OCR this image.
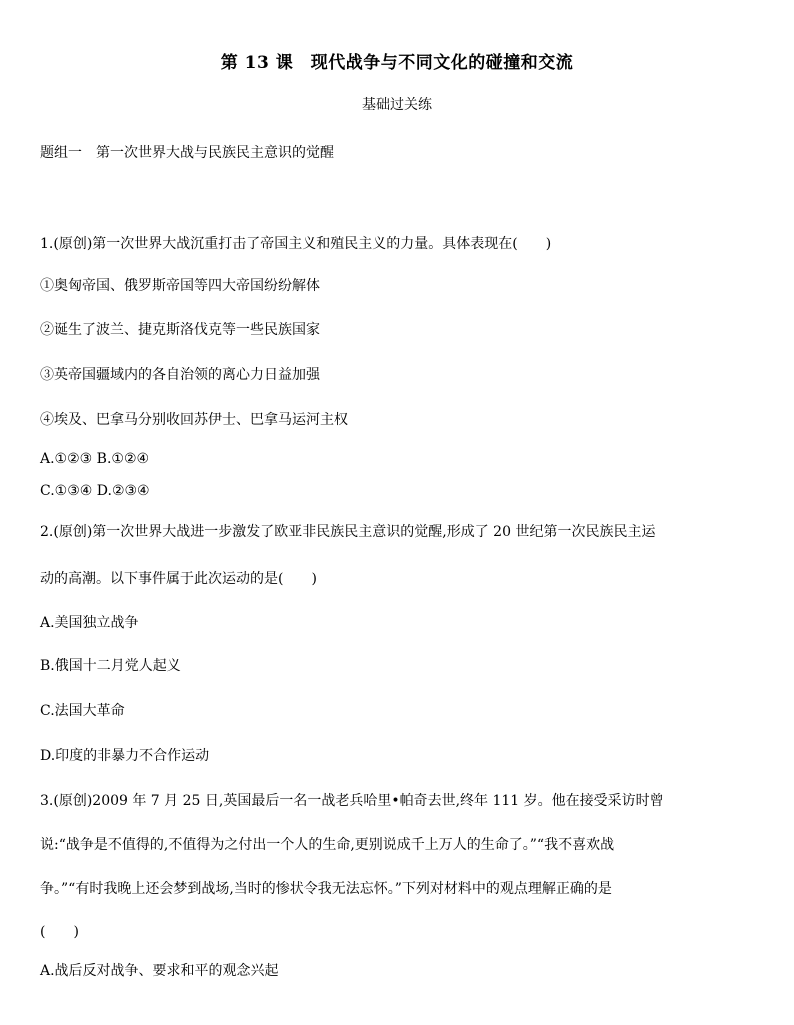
第 13 课　现代战争与不同文化的碰撞和交流
基础过关练
题组一　第一次世界大战与民族民主意识的觉醒
1.(原创)第一次世界大战沉重打击了帝国主义和殖民主义的力量。具体表现在(　　)
①奥匈帝国、俄罗斯帝国等四大帝国纷纷解体
②诞生了波兰、捷克斯洛伐克等一些民族国家
③英帝国疆域内的各自治领的离心力日益加强
④埃及、巴拿马分别收回苏伊士、巴拿马运河主权
A.①②③ B.①②④
C.①③④ D.②③④
2.(原创)第一次世界大战进一步激发了欧亚非民族民主意识的觉醒,形成了 20 世纪第一次民族民主运
动的高潮。以下事件属于此次运动的是(　　)
A.美国独立战争
B.俄国十二月党人起义
C.法国大革命
D.印度的非暴力不合作运动
3.(原创)2009 年 7 月 25 日,英国最后一名一战老兵哈里•帕奇去世,终年 111 岁。他在接受采访时曾
说:“战争是不值得的,不值得为之付出一个人的生命,更别说成千上万人的生命了。”“我不喜欢战
争。”“有时我晚上还会梦到战场,当时的惨状令我无法忘怀。”下列对材料中的观点理解正确的是
(　　)
A.战后反对战争、要求和平的观念兴起
